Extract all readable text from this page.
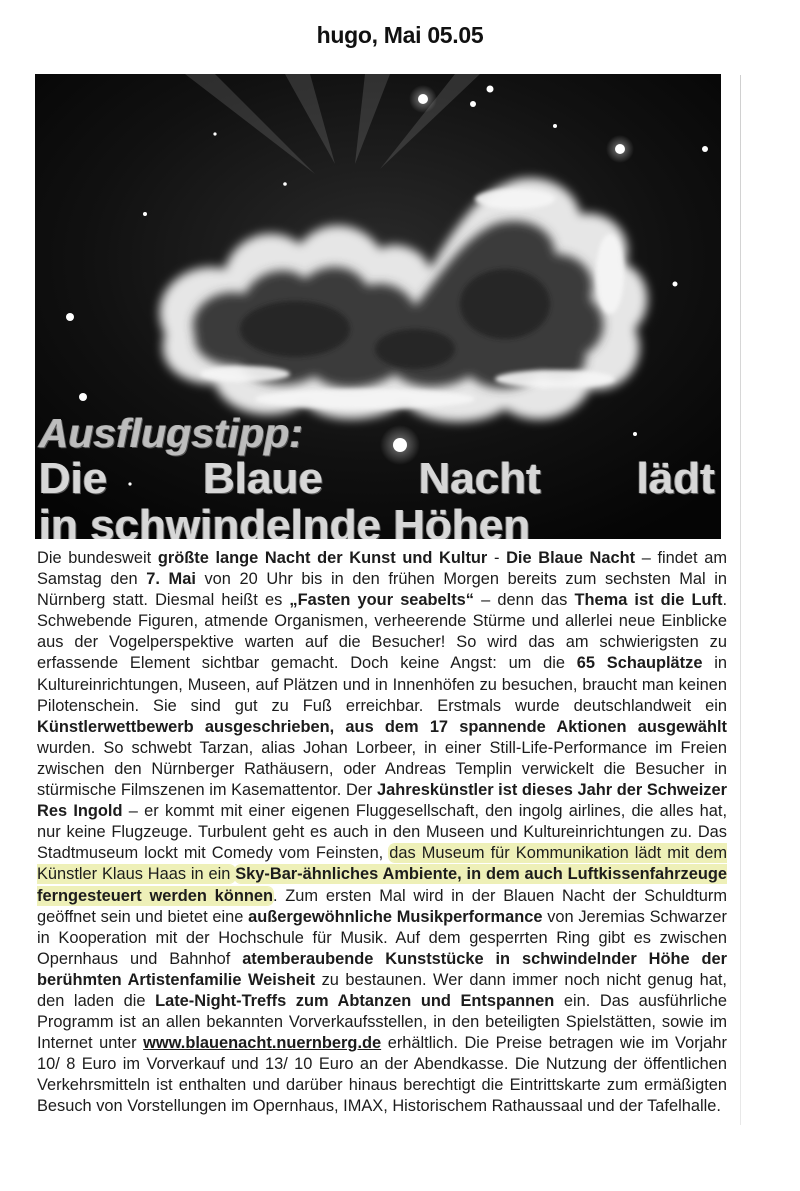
hugo, Mai 05.05
Ausflugstipp:
Die Blaue Nacht lädt
in schwindelnde Höhen

Die bundesweit größte lange Nacht der Kunst und Kultur - Die Blaue Nacht – findet am Samstag den 7. Mai von 20 Uhr bis in den frühen Morgen bereits zum sechsten Mal in Nürnberg statt. Diesmal heißt es „Fasten your seabelts“ – denn das Thema ist die Luft. Schwebende Figuren, atmende Organismen, verheerende Stürme und allerlei neue Einblicke aus der Vogelperspektive warten auf die Besucher! So wird das am schwierigsten zu erfassende Element sichtbar gemacht. Doch keine Angst: um die 65 Schauplätze in Kultureinrichtungen, Museen, auf Plätzen und in Innenhöfen zu besuchen, braucht man keinen Pilotenschein. Sie sind gut zu Fuß erreichbar. Erstmals wurde deutschlandweit ein Künstlerwettbewerb ausgeschrieben, aus dem 17 spannende Aktionen ausgewählt wurden. So schwebt Tarzan, alias Johan Lorbeer, in einer Still-Life-Performance im Freien zwischen den Nürnberger Rathäusern, oder Andreas Templin verwickelt die Besucher in stürmische Filmszenen im Kasemattentor. Der Jahreskünstler ist dieses Jahr der Schweizer Res Ingold – er kommt mit einer eigenen Fluggesellschaft, den ingolg airlines, die alles hat, nur keine Flugzeuge. Turbulent geht es auch in den Museen und Kultureinrichtungen zu. Das Stadtmuseum lockt mit Comedy vom Feinsten, das Museum für Kommunikation lädt mit dem Künstler Klaus Haas in ein Sky-Bar-ähnliches Ambiente, in dem auch Luftkissenfahrzeuge ferngesteuert werden können. Zum ersten Mal wird in der Blauen Nacht der Schuldturm geöffnet sein und bietet eine außergewöhnliche Musikperformance von Jeremias Schwarzer in Kooperation mit der Hochschule für Musik. Auf dem gesperrten Ring gibt es zwischen Opernhaus und Bahnhof atemberaubende Kunststücke in schwindelnder Höhe der berühmten Artistenfamilie Weisheit zu bestaunen. Wer dann immer noch nicht genug hat, den laden die Late-Night-Treffs zum Abtanzen und Entspannen ein. Das ausführliche Programm ist an allen bekannten Vorverkaufsstellen, in den beteiligten Spielstätten, sowie im Internet unter www.blauenacht.nuernberg.de erhältlich. Die Preise betragen wie im Vorjahr 10/ 8 Euro im Vorverkauf und 13/ 10 Euro an der Abendkasse. Die Nutzung der öffentlichen Verkehrsmitteln ist enthalten und darüber hinaus berechtigt die Eintrittskarte zum ermäßigten Besuch von Vorstellungen im Opernhaus, IMAX, Historischem Rathaussaal und der Tafelhalle.
